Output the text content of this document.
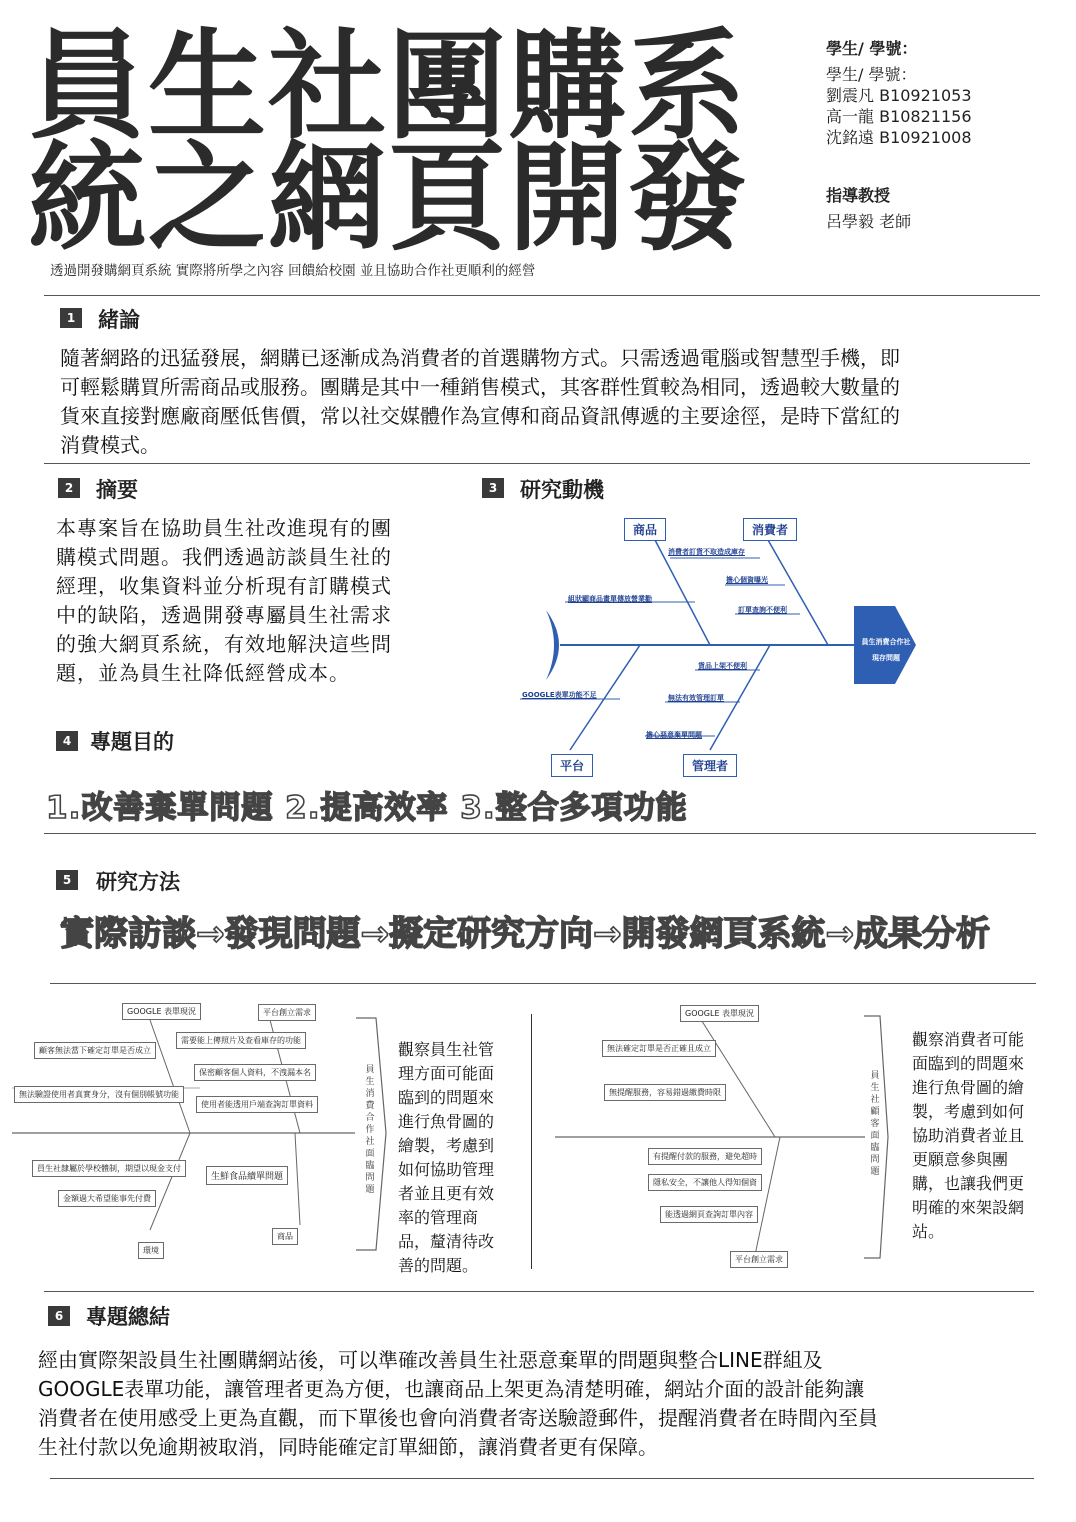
員生社團購系
統之網頁開發
學生/ 學號：
學生/ 學號：
劉震凡 B10921053
高一龍 B10821156
沈銘遠 B10921008
指導教授
呂學毅 老師
透過開發購網頁系統 實際將所學之內容 回饋給校園 並且協助合作社更順利的經營
1	緒論
隨著網路的迅猛發展，網購已逐漸成為消費者的首選購物方式。只需透過電腦或智慧型手機，即
可輕鬆購買所需商品或服務。團購是其中一種銷售模式，其客群性質較為相同，透過較大數量的
貨來直接對應廠商壓低售價，常以社交媒體作為宣傳和商品資訊傳遞的主要途徑，是時下當紅的
消費模式。
2	摘要
本專案旨在協助員生社改進現有的團
購模式問題。我們透過訪談員生社的
經理，收集資料並分析現有訂購模式
中的缺陷，透過開發專屬員生社需求
的強大網頁系統，有效地解決這些問
題，並為員生社降低經營成本。
3	研究動機
商品	消費者
平台	管理者
員生消費合作社
現存問題
消費者訂貨不取造成庫存
擔心個資曝光
訂單查詢不便利
組狀顯商品畫單傳放營業勸
貨品上架不便利
GOOGLE表單功能不足	無法有效管理訂單
擔心惡意棄單問題
4 專題目的
1.改善棄單問題 2.提高效率 3.整合多項功能
5	研究方法
實際訪談→發現問題→擬定研究方向→開發網頁系統→成果分析
GOOGLE 表單現況	平台創立需求
顧客無法當下確定訂單是否成立
無法驗證使用者真實身分，沒有個別帳號功能
需要能上傳照片及查看庫存的功能
保密顧客個人資料，不洩漏本名
使用者能透用戶端查詢訂單資料
員生社隸屬於學校體制，期望以現金支付
金額過大希望能事先付費
生鮮食品續單問題
商品
環境
員
生
消
費
合
作
社
面
臨
問
題
觀察員生社管
理方面可能面
臨到的問題來
進行魚骨圖的
繪製，考慮到
如何協助管理
者並且更有效
率的管理商
品，釐清待改
善的問題。
GOOGLE 表單現況
無法確定訂單是否正確且成立
無提醒服務，容易錯過繳費時限
有提醒付款的服務，避免超時
隱私安全，不讓他人得知個資
能透過網頁查詢訂單內容
平台創立需求
員
生
社
顧
客
面
臨
問
題
觀察消費者可能
面臨到的問題來
進行魚骨圖的繪
製，考慮到如何
協助消費者並且
更願意參與團
購，也讓我們更
明確的來架設網
站。
6	專題總結
經由實際架設員生社團購網站後，可以準確改善員生社惡意棄單的問題與整合LINE群組及
GOOGLE表單功能，讓管理者更為方便，也讓商品上架更為清楚明確，網站介面的設計能夠讓
消費者在使用感受上更為直觀，而下單後也會向消費者寄送驗證郵件，提醒消費者在時間內至員
生社付款以免逾期被取消，同時能確定訂單細節，讓消費者更有保障。
